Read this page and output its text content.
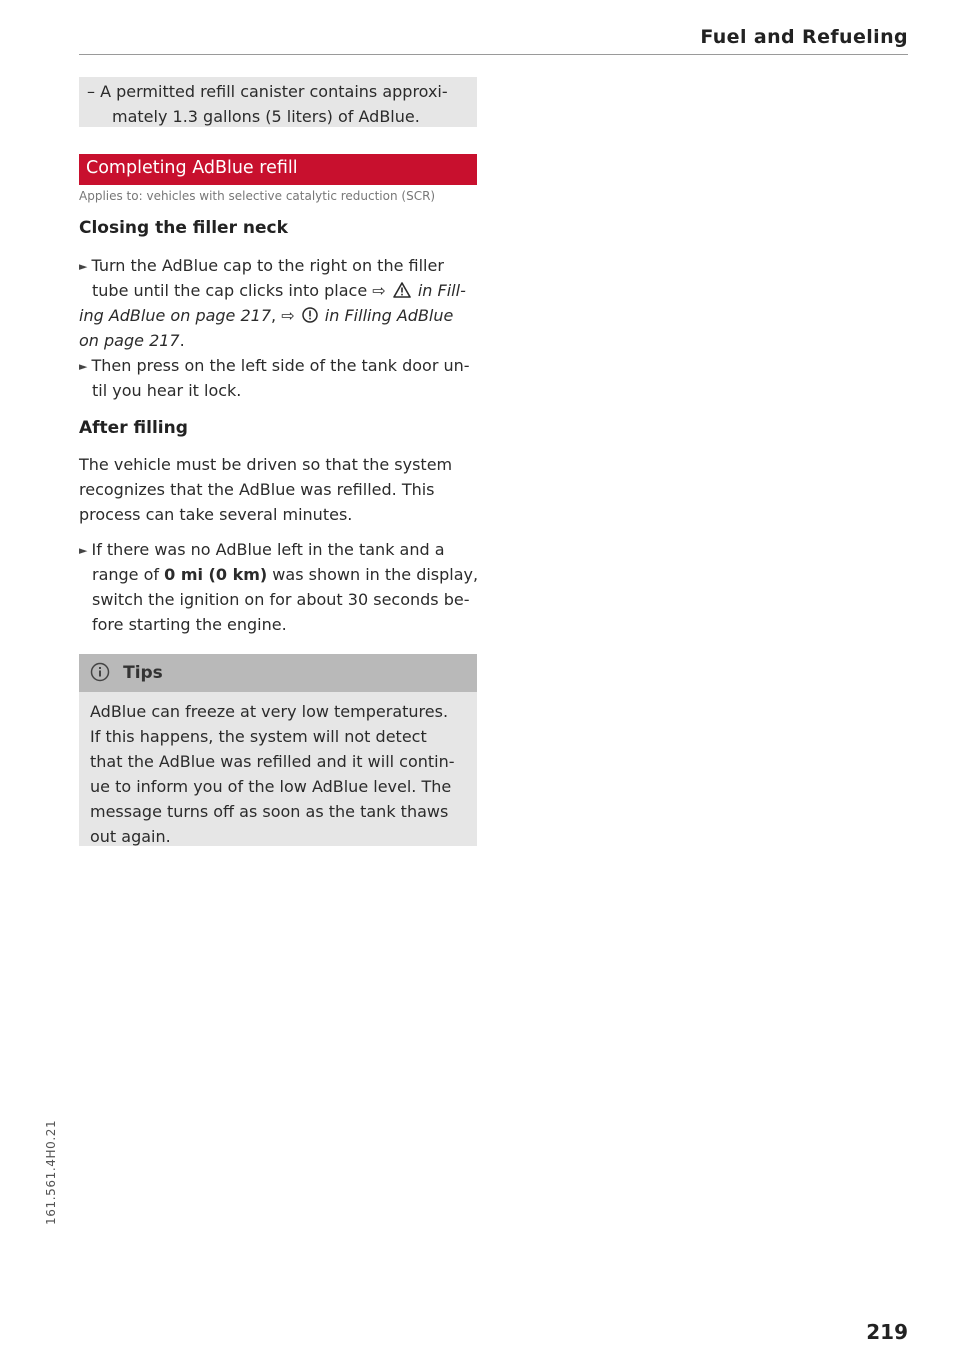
Fuel and Refueling
– A permitted refill canister contains approxi-
mately 1.3 gallons (5 liters) of AdBlue.
Completing AdBlue refill
Applies to: vehicles with selective catalytic reduction (SCR)
Closing the filler neck
► Turn the AdBlue cap to the right on the filler
tube until the cap clicks into place ⇨ in Fill-
ing AdBlue on page 217, ⇨ in Filling AdBlue
on page 217.
► Then press on the left side of the tank door un-
til you hear it lock.
After filling
The vehicle must be driven so that the system
recognizes that the AdBlue was refilled. This
process can take several minutes.
► If there was no AdBlue left in the tank and a
range of 0 mi (0 km) was shown in the display,
switch the ignition on for about 30 seconds be-
fore starting the engine.
Tips
AdBlue can freeze at very low temperatures.
If this happens, the system will not detect
that the AdBlue was refilled and it will contin-
ue to inform you of the low AdBlue level. The
message turns off as soon as the tank thaws
out again.
161.561.4H0.21
219
